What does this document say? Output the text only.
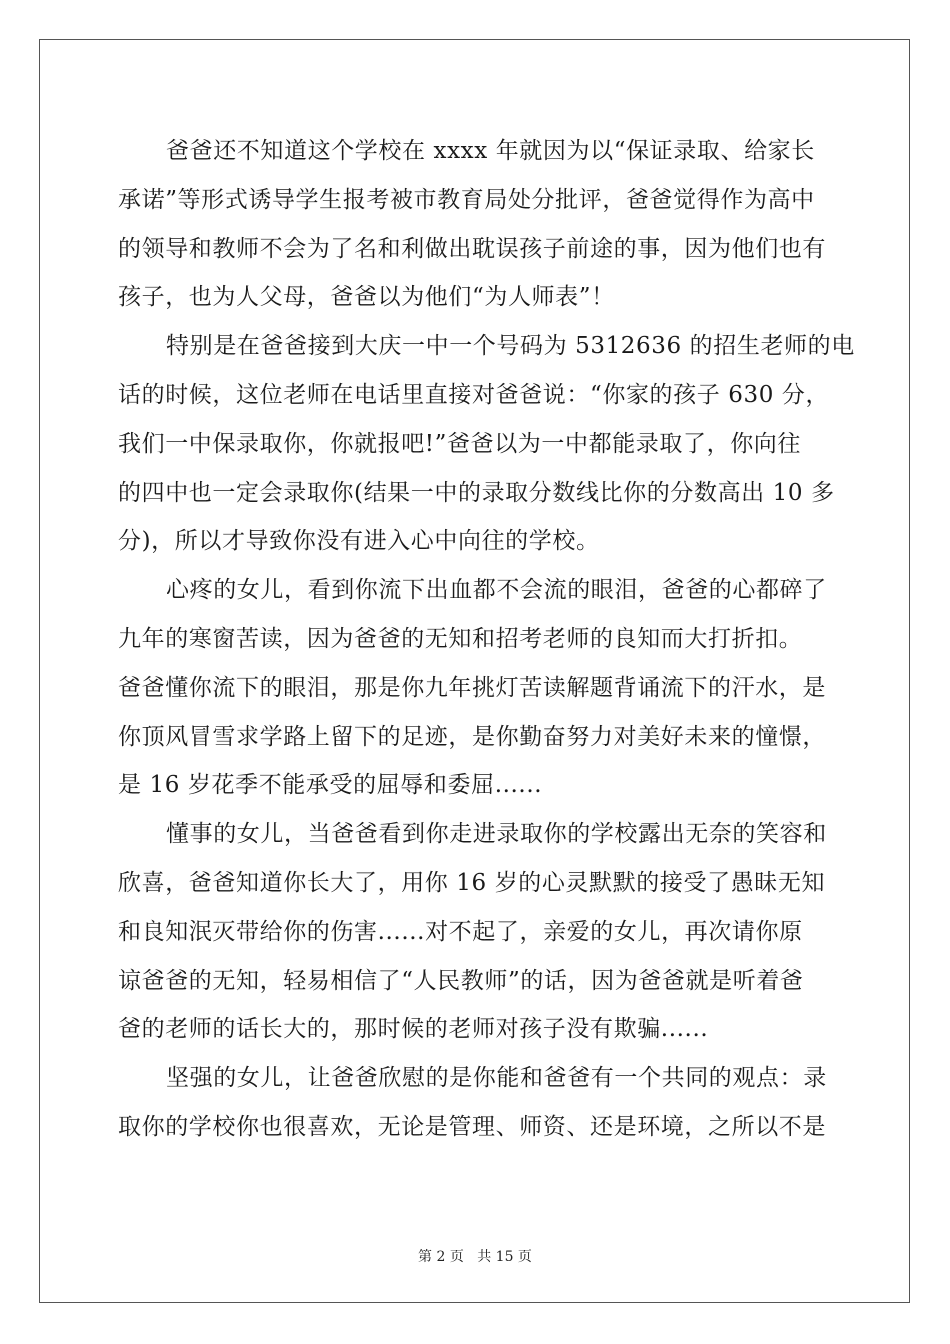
爸爸还不知道这个学校在 xxxx 年就因为以“保证录取、给家长
承诺”等形式诱导学生报考被市教育局处分批评，爸爸觉得作为高中
的领导和教师不会为了名和利做出耽误孩子前途的事，因为他们也有
孩子，也为人父母，爸爸以为他们“为人师表”！
特别是在爸爸接到大庆一中一个号码为 5312636 的招生老师的电
话的时候，这位老师在电话里直接对爸爸说：“你家的孩子 630 分，
我们一中保录取你，你就报吧!”爸爸以为一中都能录取了，你向往
的四中也一定会录取你(结果一中的录取分数线比你的分数高出 10 多
分)，所以才导致你没有进入心中向往的学校。
心疼的女儿，看到你流下出血都不会流的眼泪，爸爸的心都碎了
九年的寒窗苦读，因为爸爸的无知和招考老师的良知而大打折扣。
爸爸懂你流下的眼泪，那是你九年挑灯苦读解题背诵流下的汗水，是
你顶风冒雪求学路上留下的足迹，是你勤奋努力对美好未来的憧憬，
是 16 岁花季不能承受的屈辱和委屈......
懂事的女儿，当爸爸看到你走进录取你的学校露出无奈的笑容和
欣喜，爸爸知道你长大了，用你 16 岁的心灵默默的接受了愚昧无知
和良知泯灭带给你的伤害......对不起了，亲爱的女儿，再次请你原
谅爸爸的无知，轻易相信了“人民教师”的话，因为爸爸就是听着爸
爸的老师的话长大的，那时候的老师对孩子没有欺骗......
坚强的女儿，让爸爸欣慰的是你能和爸爸有一个共同的观点：录
取你的学校你也很喜欢，无论是管理、师资、还是环境，之所以不是
第 2 页 共 15 页
